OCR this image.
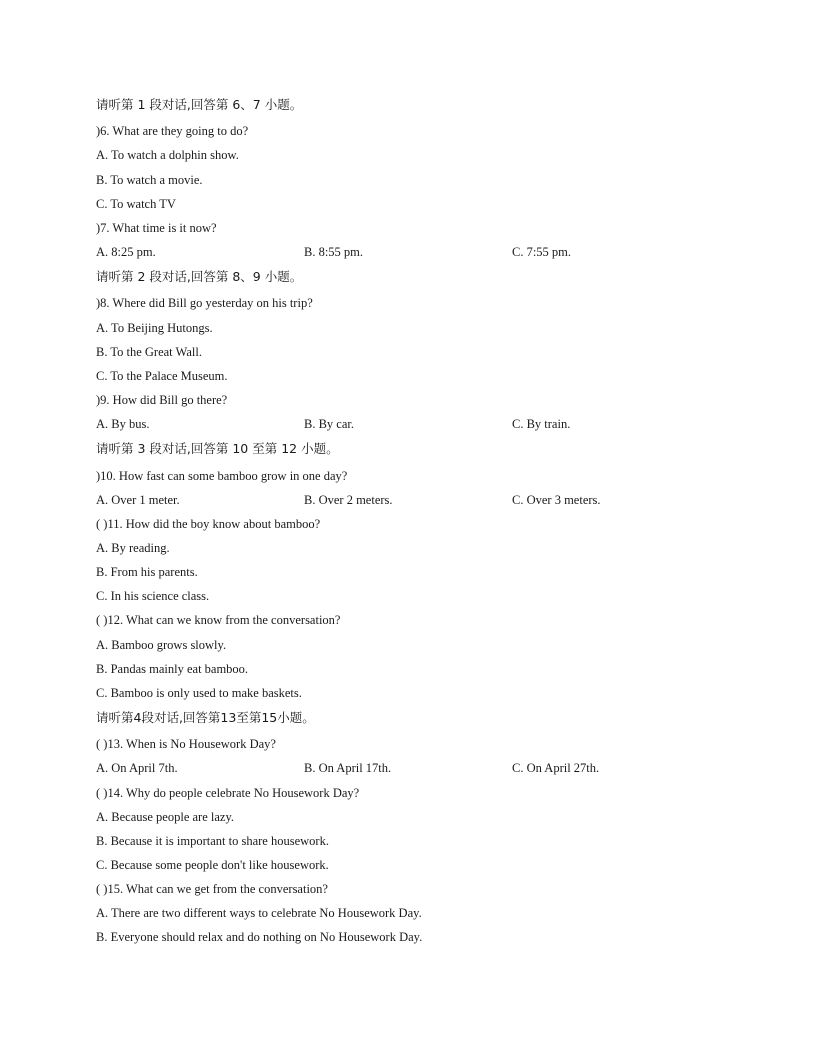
请听第 1 段对话,回答第 6、7 小题。
)6. What are they going to do?
A. To watch a dolphin show.
B. To watch a movie.
C. To watch TV
)7. What time is it now?
A. 8:25 pm.	B. 8:55 pm.	C. 7:55 pm.
请听第 2 段对话,回答第 8、9 小题。
)8. Where did Bill go yesterday on his trip?
A. To Beijing Hutongs.
B. To the Great Wall.
C. To the Palace Museum.
)9. How did Bill go there?
A. By bus.	B. By car.	C. By train.
请听第 3 段对话,回答第 10 至第 12 小题。
)10. How fast can some bamboo grow in one day?
A. Over 1 meter.	B. Over 2 meters.	C. Over 3 meters.
( )11. How did the boy know about bamboo?
A. By reading.
B. From his parents.
C. In his science class.
( )12. What can we know from the conversation?
A. Bamboo grows slowly.
B. Pandas mainly eat bamboo.
C. Bamboo is only used to make baskets.
请听第4段对话,回答第13至第15小题。
( )13. When is No Housework Day?
A. On April 7th.	B. On April 17th.	C. On April 27th.
( )14. Why do people celebrate No Housework Day?
A. Because people are lazy.
B. Because it is important to share housework.
C. Because some people don't like housework.
( )15. What can we get from the conversation?
A. There are two different ways to celebrate No Housework Day.
B. Everyone should relax and do nothing on No Housework Day.
